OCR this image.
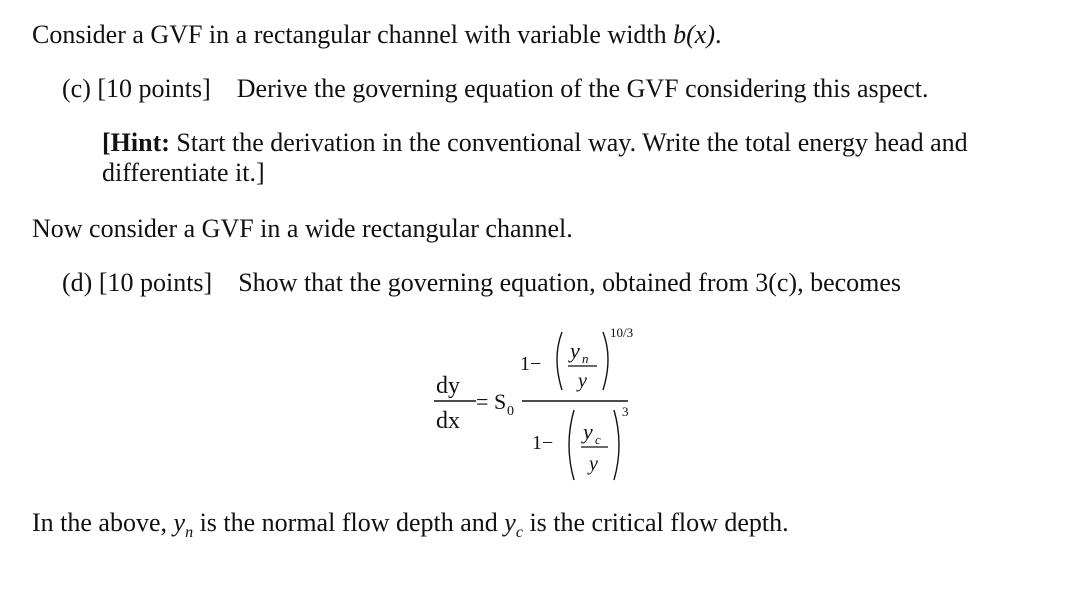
Consider a GVF in a rectangular channel with variable width b(x).
(c) [10 points] Derive the governing equation of the GVF considering this aspect.
[Hint: Start the derivation in the conventional way. Write the total energy head and differentiate it.]
Now consider a GVF in a wide rectangular channel.
(d) [10 points] Show that the governing equation, obtained from 3(c), becomes
dy
dx
= S 0
1−
y n
y
10/3
1− y c
y
3
In the above, $y_n$ is the normal flow depth and $y_c$ is the critical flow depth.
